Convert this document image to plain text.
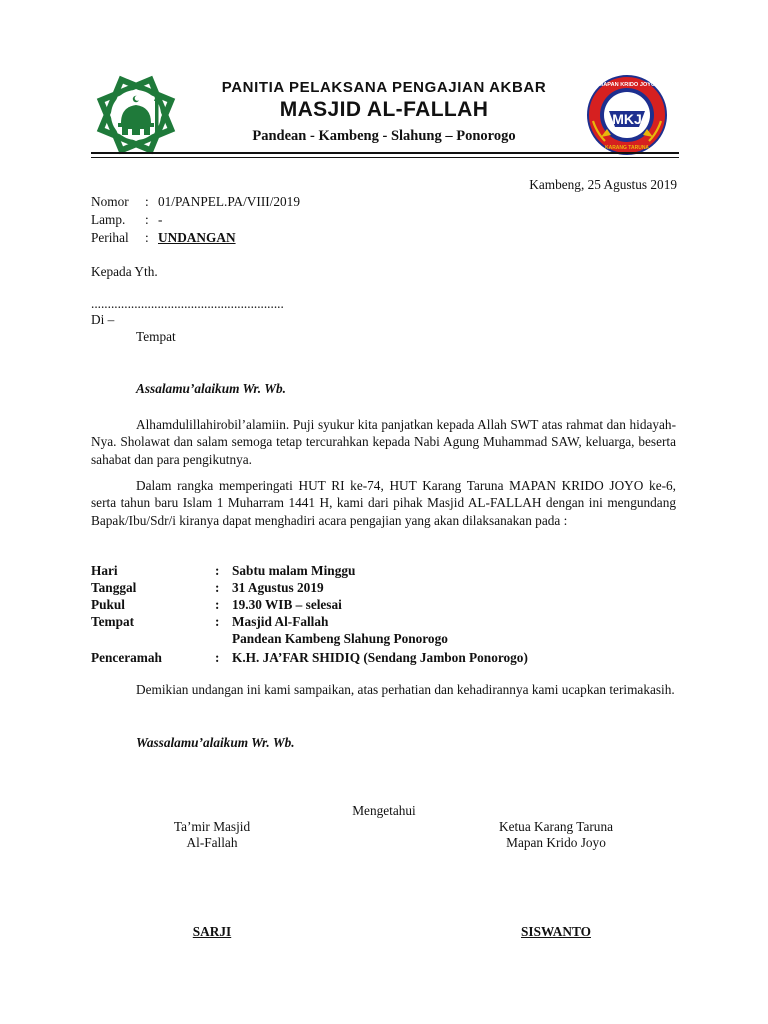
MKJ
MAPAN KRIDO JOYO
KARANG TARUNA
PANITIA PELAKSANA PENGAJIAN AKBAR
MASJID AL-FALLAH
Pandean - Kambeng - Slahung – Ponorogo
Kambeng, 25 Agustus 2019
Nomor : 01/PANPEL.PA/VIII/2019
Lamp. : -
Perihal : UNDANGAN
Kepada Yth.
..........................................................
Di –
Tempat
Assalamu’alaikum Wr. Wb.
Alhamdulillahirobil’alamiin. Puji syukur kita panjatkan kepada Allah SWT atas rahmat dan hidayah-Nya. Sholawat dan salam semoga tetap tercurahkan kepada Nabi Agung Muhammad SAW, keluarga, beserta sahabat dan para pengikutnya.
Dalam rangka memperingati HUT RI ke-74, HUT Karang Taruna MAPAN KRIDO JOYO ke-6, serta tahun baru Islam 1 Muharram 1441 H, kami dari pihak Masjid AL-FALLAH dengan ini mengundang Bapak/Ibu/Sdr/i kiranya dapat menghadiri acara pengajian yang akan dilaksanakan pada :
Hari	: Sabtu malam Minggu
Tanggal	: 31 Agustus 2019
Pukul	: 19.30 WIB – selesai
Tempat	: Masjid Al-Fallah
Pandean Kambeng Slahung Ponorogo
Penceramah	: K.H. JA’FAR SHIDIQ (Sendang Jambon Ponorogo)
Demikian undangan ini kami sampaikan, atas perhatian dan kehadirannya kami ucapkan terimakasih.
Wassalamu’alaikum Wr. Wb.
Mengetahui
Ta’mir Masjid
Al-Fallah
SARJI
Ketua Karang Taruna
Mapan Krido Joyo
SISWANTO
